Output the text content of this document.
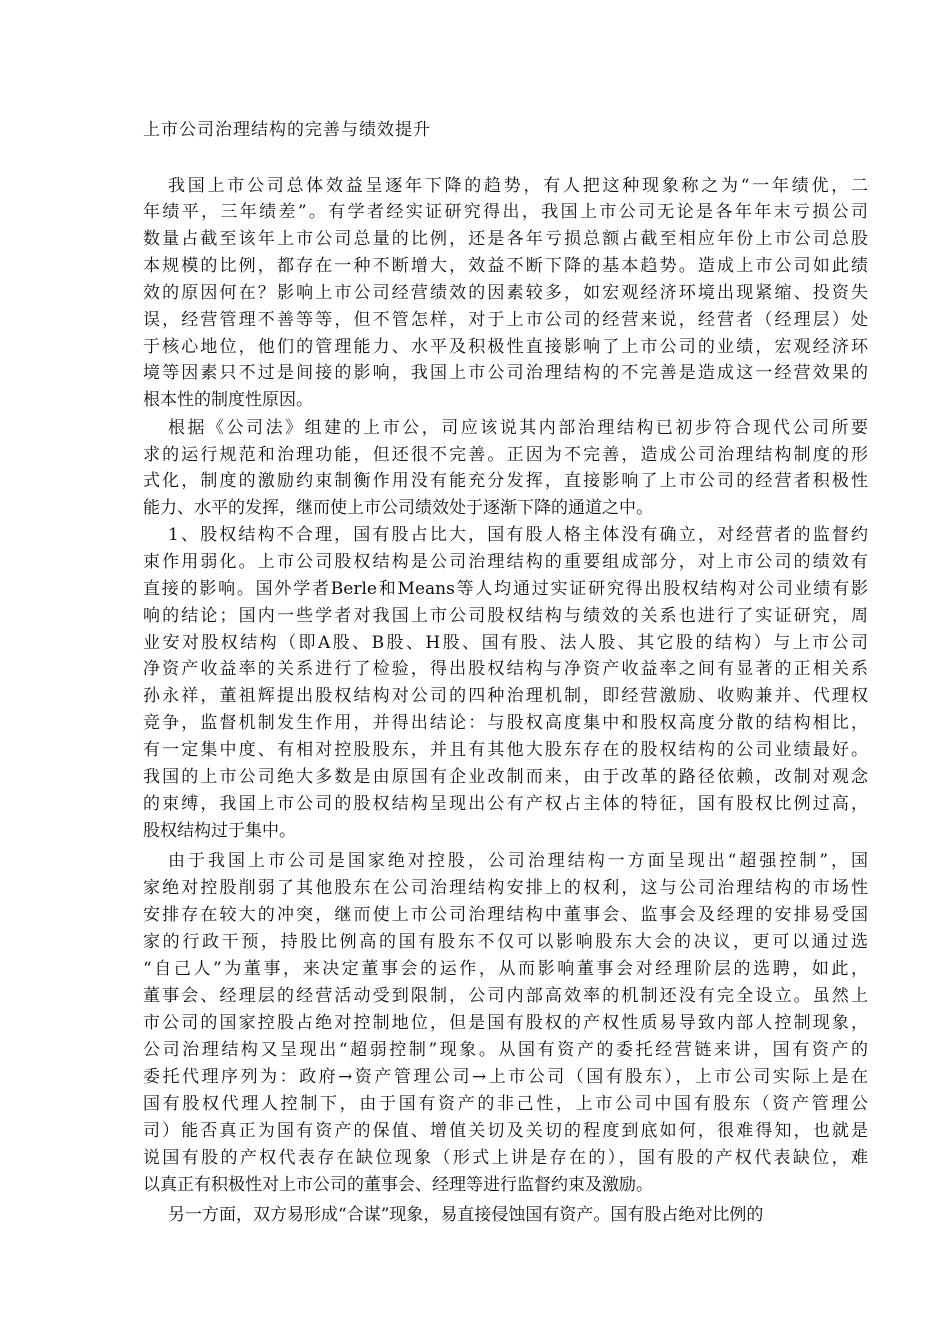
上市公司治理结构的完善与绩效提升
我国上市公司总体效益呈逐年下降的趋势，有人把这种现象称之为“一年绩优，二
年绩平，三年绩差”。有学者经实证研究得出，我国上市公司无论是各年年末亏损公司
数量占截至该年上市公司总量的比例，还是各年亏损总额占截至相应年份上市公司总股
本规模的比例，都存在一种不断增大，效益不断下降的基本趋势。造成上市公司如此绩
效的原因何在？影响上市公司经营绩效的因素较多，如宏观经济环境出现紧缩、投资失
误，经营管理不善等等，但不管怎样，对于上市公司的经营来说，经营者（经理层）处
于核心地位，他们的管理能力、水平及积极性直接影响了上市公司的业绩，宏观经济环
境等因素只不过是间接的影响，我国上市公司治理结构的不完善是造成这一经营效果的
根本性的制度性原因。
根据《公司法》组建的上市公，司应该说其内部治理结构已初步符合现代公司所要
求的运行规范和治理功能，但还很不完善。正因为不完善，造成公司治理结构制度的形
式化，制度的激励约束制衡作用没有能充分发挥，直接影响了上市公司的经营者积极性
能力、水平的发挥，继而使上市公司绩效处于逐渐下降的通道之中。
1、股权结构不合理，国有股占比大，国有股人格主体没有确立，对经营者的监督约
束作用弱化。上市公司股权结构是公司治理结构的重要组成部分，对上市公司的绩效有
直接的影响。国外学者Berle和Means等人均通过实证研究得出股权结构对公司业绩有影
响的结论；国内一些学者对我国上市公司股权结构与绩效的关系也进行了实证研究，周
业安对股权结构（即A股、B股、H股、国有股、法人股、其它股的结构）与上市公司
净资产收益率的关系进行了检验，得出股权结构与净资产收益率之间有显著的正相关系
孙永祥，董祖辉提出股权结构对公司的四种治理机制，即经营激励、收购兼并、代理权
竞争，监督机制发生作用，并得出结论：与股权高度集中和股权高度分散的结构相比，
有一定集中度、有相对控股股东，并且有其他大股东存在的股权结构的公司业绩最好。
我国的上市公司绝大多数是由原国有企业改制而来，由于改革的路径依赖，改制对观念
的束缚，我国上市公司的股权结构呈现出公有产权占主体的特征，国有股权比例过高，
股权结构过于集中。
由于我国上市公司是国家绝对控股，公司治理结构一方面呈现出“超强控制”，国
家绝对控股削弱了其他股东在公司治理结构安排上的权利，这与公司治理结构的市场性
安排存在较大的冲突，继而使上市公司治理结构中董事会、监事会及经理的安排易受国
家的行政干预，持股比例高的国有股东不仅可以影响股东大会的决议，更可以通过选
“自己人”为董事，来决定董事会的运作，从而影响董事会对经理阶层的选聘，如此，
董事会、经理层的经营活动受到限制，公司内部高效率的机制还没有完全设立。虽然上
市公司的国家控股占绝对控制地位，但是国有股权的产权性质易导致内部人控制现象，
公司治理结构又呈现出“超弱控制”现象。从国有资产的委托经营链来讲，国有资产的
委托代理序列为：政府→资产管理公司→上市公司（国有股东），上市公司实际上是在
国有股权代理人控制下，由于国有资产的非己性，上市公司中国有股东（资产管理公
司）能否真正为国有资产的保值、增值关切及关切的程度到底如何，很难得知，也就是
说国有股的产权代表存在缺位现象（形式上讲是存在的），国有股的产权代表缺位，难
以真正有积极性对上市公司的董事会、经理等进行监督约束及激励。
另一方面，双方易形成“合谋”现象，易直接侵蚀国有资产。国有股占绝对比例的
